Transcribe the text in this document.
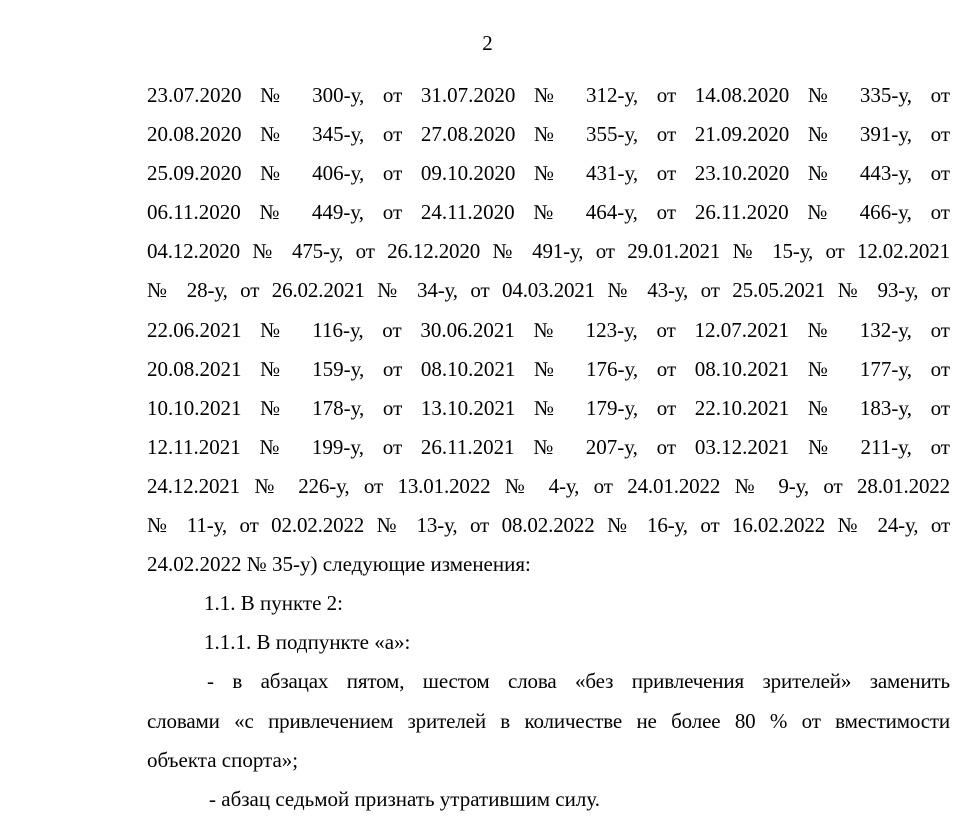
2
23.07.2020 № 300-у, от 31.07.2020 № 312-у, от 14.08.2020 № 335-у, от
20.08.2020 № 345-у, от 27.08.2020 № 355-у, от 21.09.2020 № 391-у, от
25.09.2020 № 406-у, от 09.10.2020 № 431-у, от 23.10.2020 № 443-у, от
06.11.2020 № 449-у, от 24.11.2020 № 464-у, от 26.11.2020 № 466-у, от
04.12.2020 № 475-у, от 26.12.2020 № 491-у, от 29.01.2021 № 15-у, от 12.02.2021
№ 28-у, от 26.02.2021 № 34-у, от 04.03.2021 № 43-у, от 25.05.2021 № 93-у, от
22.06.2021 № 116-у, от 30.06.2021 № 123-у, от 12.07.2021 № 132-у, от
20.08.2021 № 159-у, от 08.10.2021 № 176-у, от 08.10.2021 № 177-у, от
10.10.2021 № 178-у, от 13.10.2021 № 179-у, от 22.10.2021 № 183-у, от
12.11.2021 № 199-у, от 26.11.2021 № 207-у, от 03.12.2021 № 211-у, от
24.12.2021 № 226-у, от 13.01.2022 № 4-у, от 24.01.2022 № 9-у, от 28.01.2022
№ 11-у, от 02.02.2022 № 13-у, от 08.02.2022 № 16-у, от 16.02.2022 № 24-у, от
24.02.2022 № 35-у) следующие изменения:
1.1. В пункте 2:
1.1.1. В подпункте «а»:
- в абзацах пятом, шестом слова «без привлечения зрителей» заменить
словами «с привлечением зрителей в количестве не более 80 % от вместимости
объекта спорта»;
- абзац седьмой признать утратившим силу.
